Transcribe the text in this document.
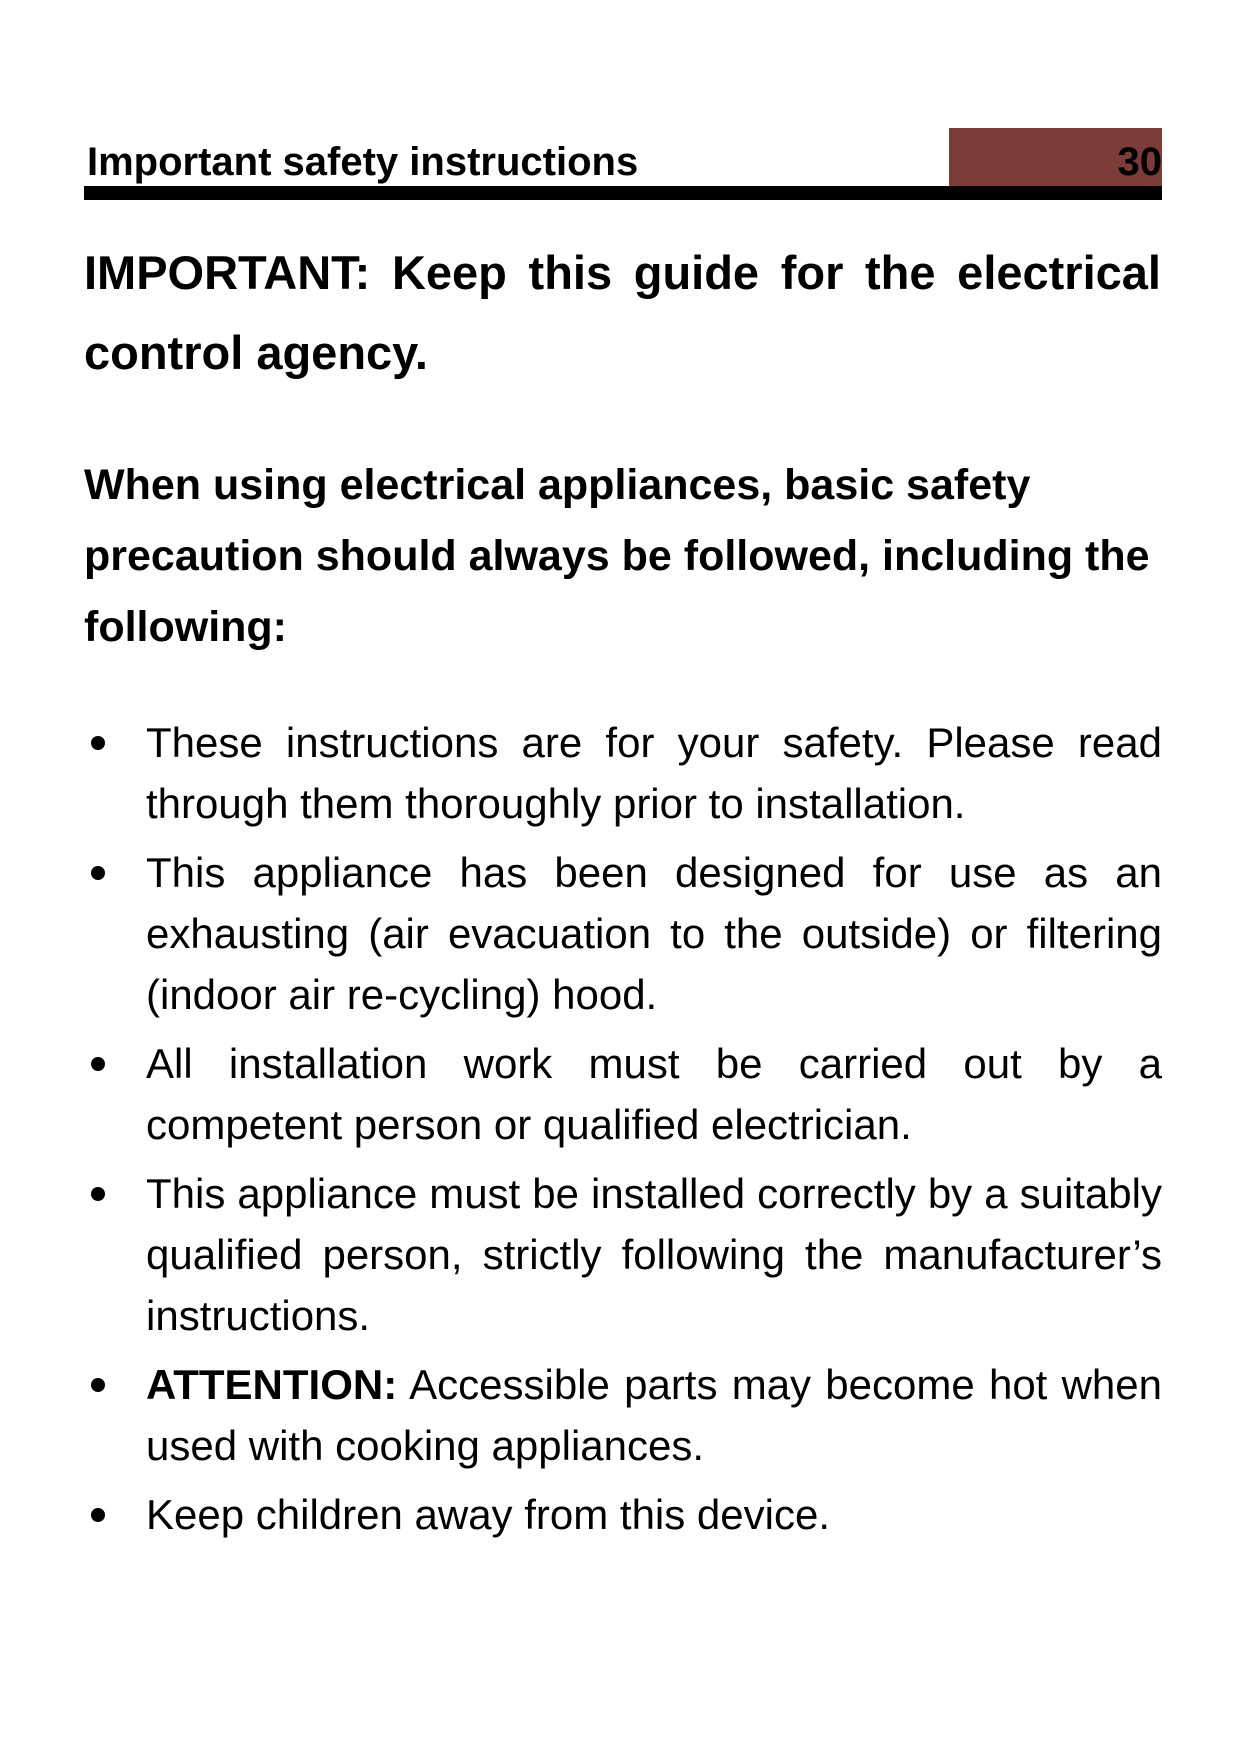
Important safety instructions	30

IMPORTANT: Keep this guide for the electrical control agency.

When using electrical appliances, basic safety precaution should always be followed, including the following:

These instructions are for your safety. Please read through them thoroughly prior to installation.
This appliance has been designed for use as an exhausting (air evacuation to the outside) or filtering (indoor air re-cycling) hood.
All installation work must be carried out by a competent person or qualified electrician.
This appliance must be installed correctly by a suitably qualified person, strictly following the manufacturer’s instructions.
ATTENTION: Accessible parts may become hot when used with cooking appliances.
Keep children away from this device.
